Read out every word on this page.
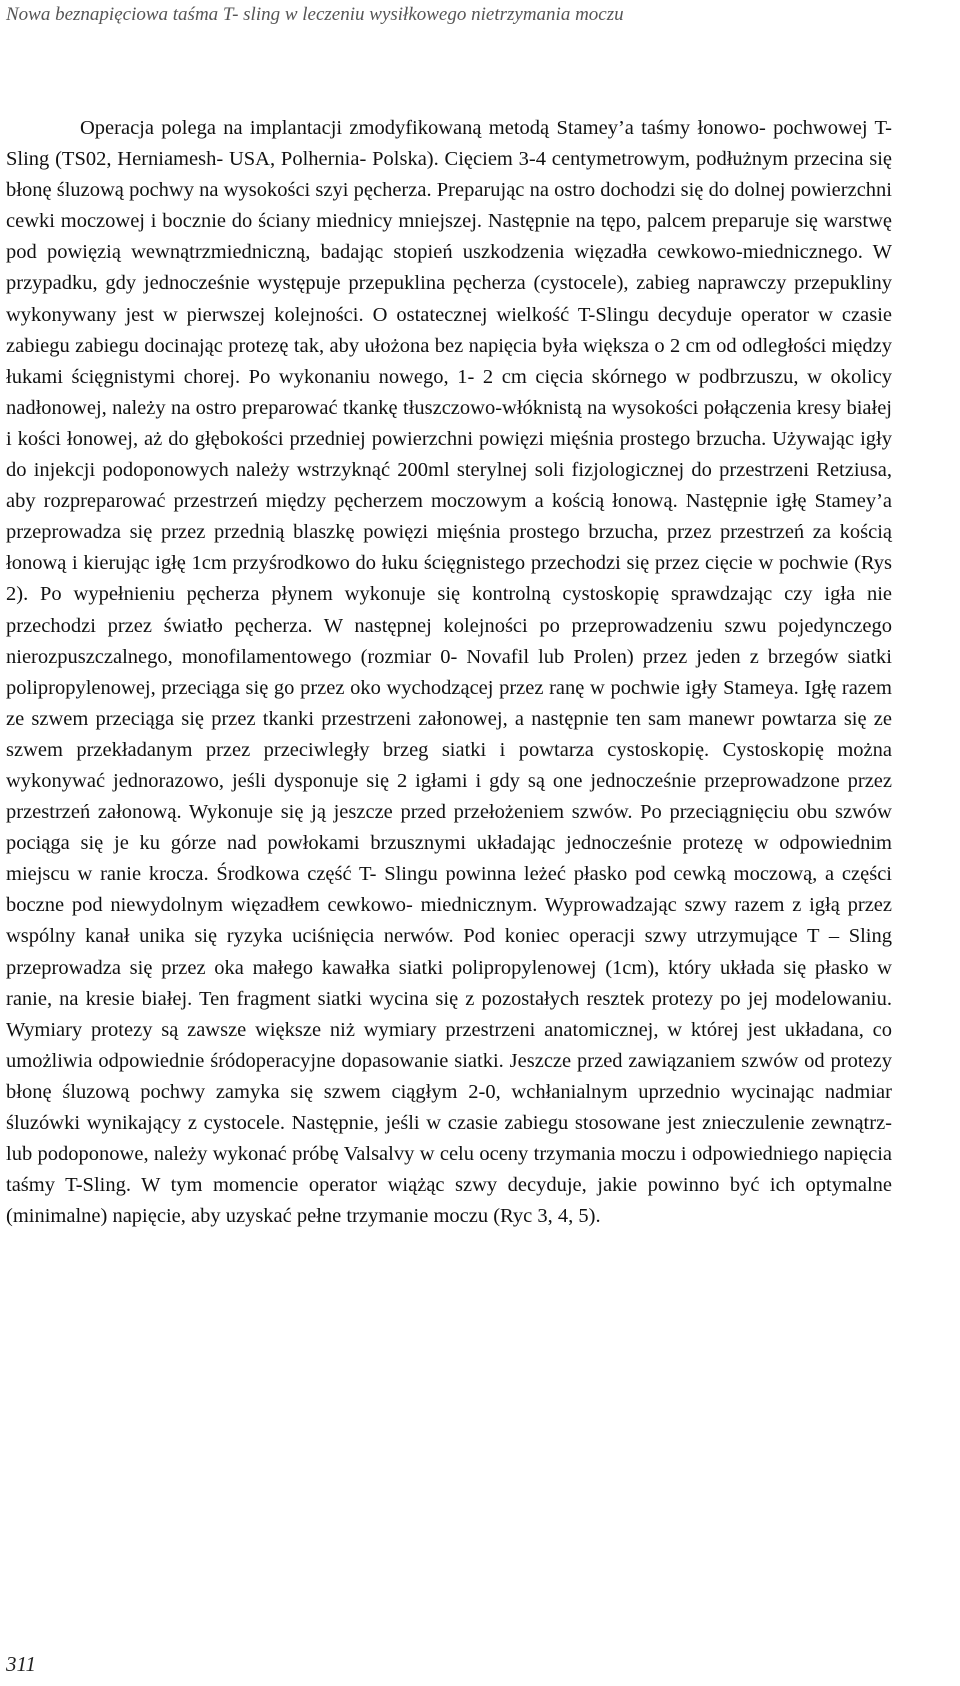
Nowa beznapięciowa taśma T- sling w leczeniu wysiłkowego nietrzymania moczu

Operacja polega na implantacji zmodyfikowaną metodą Stamey’a taśmy łonowo- pochwowej T-Sling (TS02, Herniamesh- USA, Polhernia- Polska). Cięciem 3-4 centymetrowym, podłużnym przecina się błonę śluzową pochwy na wysokości szyi pęcherza. Preparując na ostro dochodzi się do dolnej powierzchni cewki moczowej i bocznie do ściany miednicy mniejszej. Następnie na tępo, palcem preparuje się warstwę pod powięzią wewnątrzmiedniczną, badając stopień uszkodzenia więzadła cewkowo-miednicznego. W przypadku, gdy jednocześnie występuje przepuklina pęcherza (cystocele), zabieg naprawczy przepukliny wykonywany jest w pierwszej kolejności. O ostatecznej wielkość T-Slingu decyduje operator w czasie zabiegu zabiegu docinając protezę tak, aby ułożona bez napięcia była większa o 2 cm od odległości między łukami ścięgnistymi chorej. Po wykonaniu nowego, 1- 2 cm cięcia skórnego w podbrzuszu, w okolicy nadłonowej, należy na ostro preparować tkankę tłuszczowo-włóknistą na wysokości połączenia kresy białej i kości łonowej, aż do głębokości przedniej powierzchni powięzi mięśnia prostego brzucha. Używając igły do injekcji podoponowych należy wstrzyknąć 200ml sterylnej soli fizjologicznej do przestrzeni Retziusa, aby rozpreparować przestrzeń między pęcherzem moczowym a kością łonową. Następnie igłę Stamey’a przeprowadza się przez przednią blaszkę powięzi mięśnia prostego brzucha, przez przestrzeń za kością łonową i kierując igłę 1cm przyśrodkowo do łuku ścięgnistego przechodzi się przez cięcie w pochwie (Rys 2). Po wypełnieniu pęcherza płynem wykonuje się kontrolną cystoskopię sprawdzając czy igła nie przechodzi przez światło pęcherza. W następnej kolejności po przeprowadzeniu szwu pojedynczego nierozpuszczalnego, monofilamentowego (rozmiar 0- Novafil lub Prolen) przez jeden z brzegów siatki polipropylenowej, przeciąga się go przez oko wychodzącej przez ranę w pochwie igły Stameya. Igłę razem ze szwem przeciąga się przez tkanki przestrzeni załonowej, a następnie ten sam manewr powtarza się ze szwem przekładanym przez przeciwległy brzeg siatki i powtarza cystoskopię. Cystoskopię można wykonywać jednorazowo, jeśli dysponuje się 2 igłami i gdy są one jednocześnie przeprowadzone przez przestrzeń załonową. Wykonuje się ją jeszcze przed przełożeniem szwów. Po przeciągnięciu obu szwów pociąga się je ku górze nad powłokami brzusznymi układając jednocześnie protezę w odpowiednim miejscu w ranie krocza. Środkowa część T- Slingu powinna leżeć płasko pod cewką moczową, a części boczne pod niewydolnym więzadłem cewkowo- miednicznym. Wyprowadzając szwy razem z igłą przez wspólny kanał unika się ryzyka uciśnięcia nerwów. Pod koniec operacji szwy utrzymujące T – Sling przeprowadza się przez oka małego kawałka siatki polipropylenowej (1cm), który układa się płasko w ranie, na kresie białej. Ten fragment siatki wycina się z pozostałych resztek protezy po jej modelowaniu. Wymiary protezy są zawsze większe niż wymiary przestrzeni anatomicznej, w której jest układana, co umożliwia odpowiednie śródoperacyjne dopasowanie siatki. Jeszcze przed zawiązaniem szwów od protezy błonę śluzową pochwy zamyka się szwem ciągłym 2-0, wchłanialnym uprzednio wycinając nadmiar śluzówki wynikający z cystocele. Następnie, jeśli w czasie zabiegu stosowane jest znieczulenie zewnątrz- lub podoponowe, należy wykonać próbę Valsalvy w celu oceny trzymania moczu i odpowiedniego napięcia taśmy T-Sling. W tym momencie operator wiążąc szwy decyduje, jakie powinno być ich optymalne (minimalne) napięcie, aby uzyskać pełne trzymanie moczu (Ryc 3, 4, 5).

311
